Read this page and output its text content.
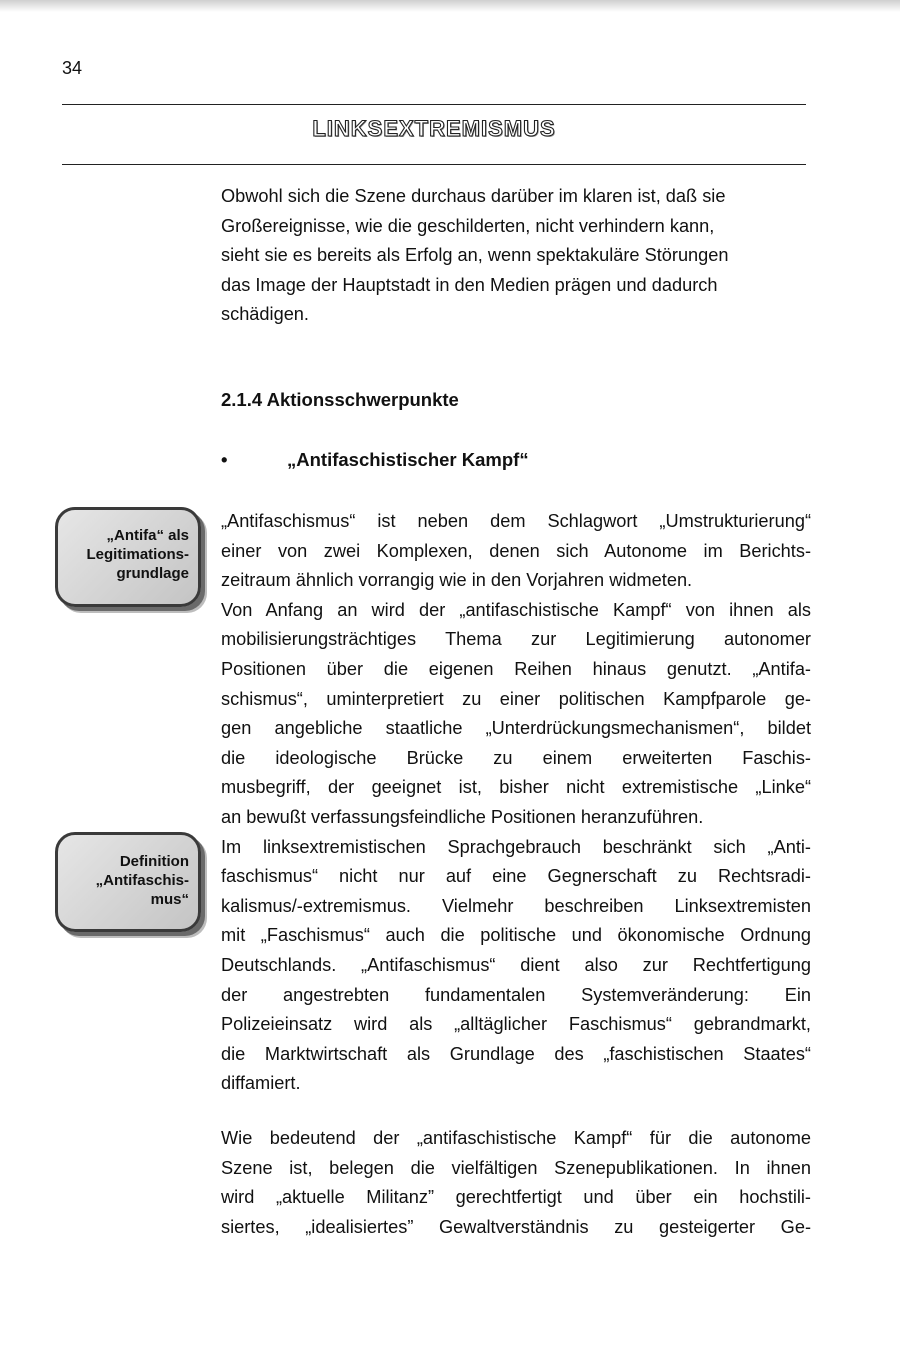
34
LINKSEXTREMISMUS

Obwohl sich die Szene durchaus darüber im klaren ist, daß sie

Großereignisse, wie die geschilderten, nicht verhindern kann,

sieht sie es bereits als Erfolg an, wenn spektakuläre Störungen

das Image der Hauptstadt in den Medien prägen und dadurch

schädigen.

2.1.4 Aktionsschwerpunkte
•	„Antifaschistischer Kampf“
„Antifa“ als
Legitimations-
grundlage
Definition
„Antifaschis-
mus“

„Antifaschismus“ ist neben dem Schlagwort „Umstrukturierung“

einer von zwei Komplexen, denen sich Autonome im Berichts-

zeitraum ähnlich vorrangig wie in den Vorjahren widmeten.

Von Anfang an wird der „antifaschistische Kampf“ von ihnen als

mobilisierungsträchtiges Thema zur Legitimierung autonomer

Positionen über die eigenen Reihen hinaus genutzt. „Antifa-

schismus“, uminterpretiert zu einer politischen Kampfparole ge-

gen angebliche staatliche „Unterdrückungsmechanismen“, bildet

die ideologische Brücke zu einem erweiterten Faschis-

musbegriff, der geeignet ist, bisher nicht extremistische „Linke“

an bewußt verfassungsfeindliche Positionen heranzuführen.

Im linksextremistischen Sprachgebrauch beschränkt sich „Anti-

faschismus“ nicht nur auf eine Gegnerschaft zu Rechtsradi-

kalismus/-extremismus. Vielmehr beschreiben Linksextremisten

mit „Faschismus“ auch die politische und ökonomische Ordnung

Deutschlands. „Antifaschismus“ dient also zur Rechtfertigung

der angestrebten fundamentalen Systemveränderung: Ein

Polizeieinsatz wird als „alltäglicher Faschismus“ gebrandmarkt,

die Marktwirtschaft als Grundlage des „faschistischen Staates“

diffamiert.

Wie bedeutend der „antifaschistische Kampf“ für die autonome

Szene ist, belegen die vielfältigen Szenepublikationen. In ihnen

wird „aktuelle Militanz” gerechtfertigt und über ein hochstili-

siertes, „idealisiertes” Gewaltverständnis zu gesteigerter Ge-
